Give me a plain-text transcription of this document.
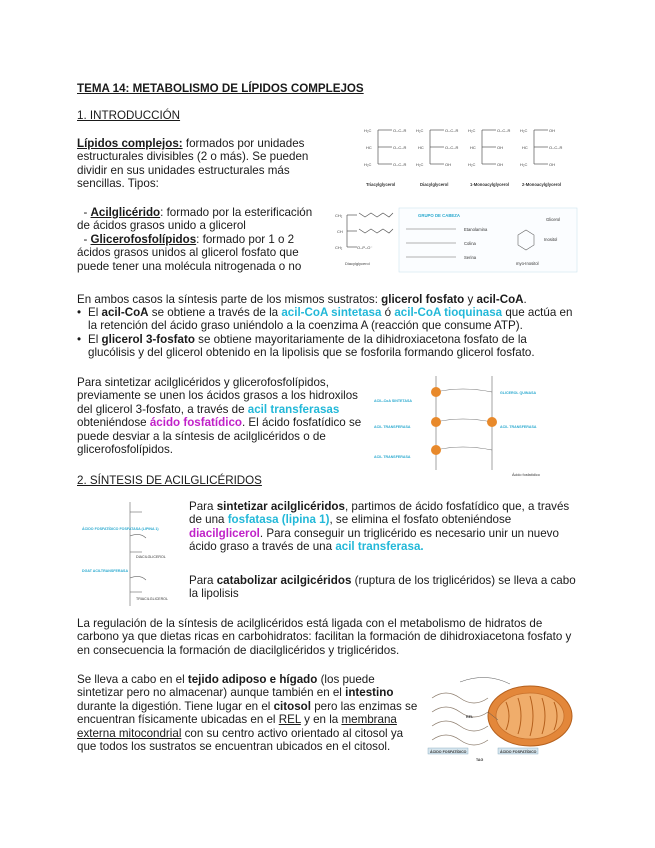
TEMA 14: METABOLISMO DE LÍPIDOS COMPLEJOS
1. INTRODUCCIÓN
Lípidos complejos: formados por unidades estructurales divisibles (2 o más). Se pueden dividir en sus unidades estructurales más sencillas. Tipos:
- Acilglicérido: formado por la esterificación de ácidos grasos unido a glicerol
- Glicerofosfolípidos: formado por 1 o 2 ácidos grasos unidos al glicerol fosfato que puede tener una molécula nitrogenada o no
H₂C
HC
H₂C
O–C–R
O–C–R
O–C–R
H₂C
HC
H₂C
O–C–R
O–C–R
OH
H₂C
HC
H₂C
O–C–R
OH
OH
H₂C
HC
H₂C
OH
O–C–R
OH
Triacylglycerol	Diacylglycerol	1-Monoacylglycerol	2-Monoacylglycerol
CH₂
CH
CH₂	O–P–O⁻
Diacylglycerol
GRUPO DE CABEZA
Etanolamina
Colina
Serina
Glicerol
Inositol
myo-Inositol
En ambos casos la síntesis parte de los mismos sustratos: glicerol fosfato y acil-CoA.
• El acil-CoA se obtiene a través de la acil-CoA sintetasa ó acil-CoA tioquinasa que actúa en la retención del ácido graso uniéndolo a la coenzima A (reacción que consume ATP).
• El glicerol 3-fosfato se obtiene mayoritariamente de la dihidroxiacetona fosfato de la glucólisis y del glicerol obtenido en la lipolisis que se fosforila formando glicerol fosfato.
Para sintetizar acilglicéridos y glicerofosfolípidos, previamente se unen los ácidos grasos a los hidroxilos del glicerol 3-fosfato, a través de acil transferasas obteniéndose ácido fosfatídico. El ácido fosfatídico se puede desviar a la síntesis de acilglicéridos o de glicerofosfolípidos.
ACIL-CoA SINTETASA
ACIL TRANSFERASA	ACIL TRANSFERASA
GLICEROL QUINASA
ACIL TRANSFERASA
Ácido fosfatídico
2. SÍNTESIS DE ACILGLICÉRIDOS
ÁCIDO FOSFATÍDICO FOSFATASA (LIPINA 1)
DGAT ACILTRANSFERASA
DIACILGLICEROL
TRIACILGLICEROL
Para sintetizar acilglicéridos, partimos de ácido fosfatídico que, a través de una fosfatasa (lipina 1), se elimina el fosfato obteniéndose diacilglicerol. Para conseguir un triglicérido es necesario unir un nuevo ácido graso a través de una acil transferasa.
Para catabolizar acilgicéridos (ruptura de los triglicéridos) se lleva a cabo la lipolisis
La regulación de la síntesis de acilglicéridos está ligada con el metabolismo de hidratos de carbono ya que dietas ricas en carbohidratos: facilitan la formación de dihidroxiacetona fosfato y en consecuencia la formación de diacilglicéridos y triglicéridos.
Se lleva a cabo en el tejido adiposo e hígado (los puede sintetizar pero no almacenar) aunque también en el intestino durante la digestión. Tiene lugar en el citosol pero las enzimas se encuentran físicamente ubicadas en el REL y en la membrana externa mitocondrial con su centro activo orientado al citosol ya que todos los sustratos se encuentran ubicados en el citosol.	ÁCIDO FOSFATÍDICO	ÁCIDO FOSFATÍDICO
REL
TAG
